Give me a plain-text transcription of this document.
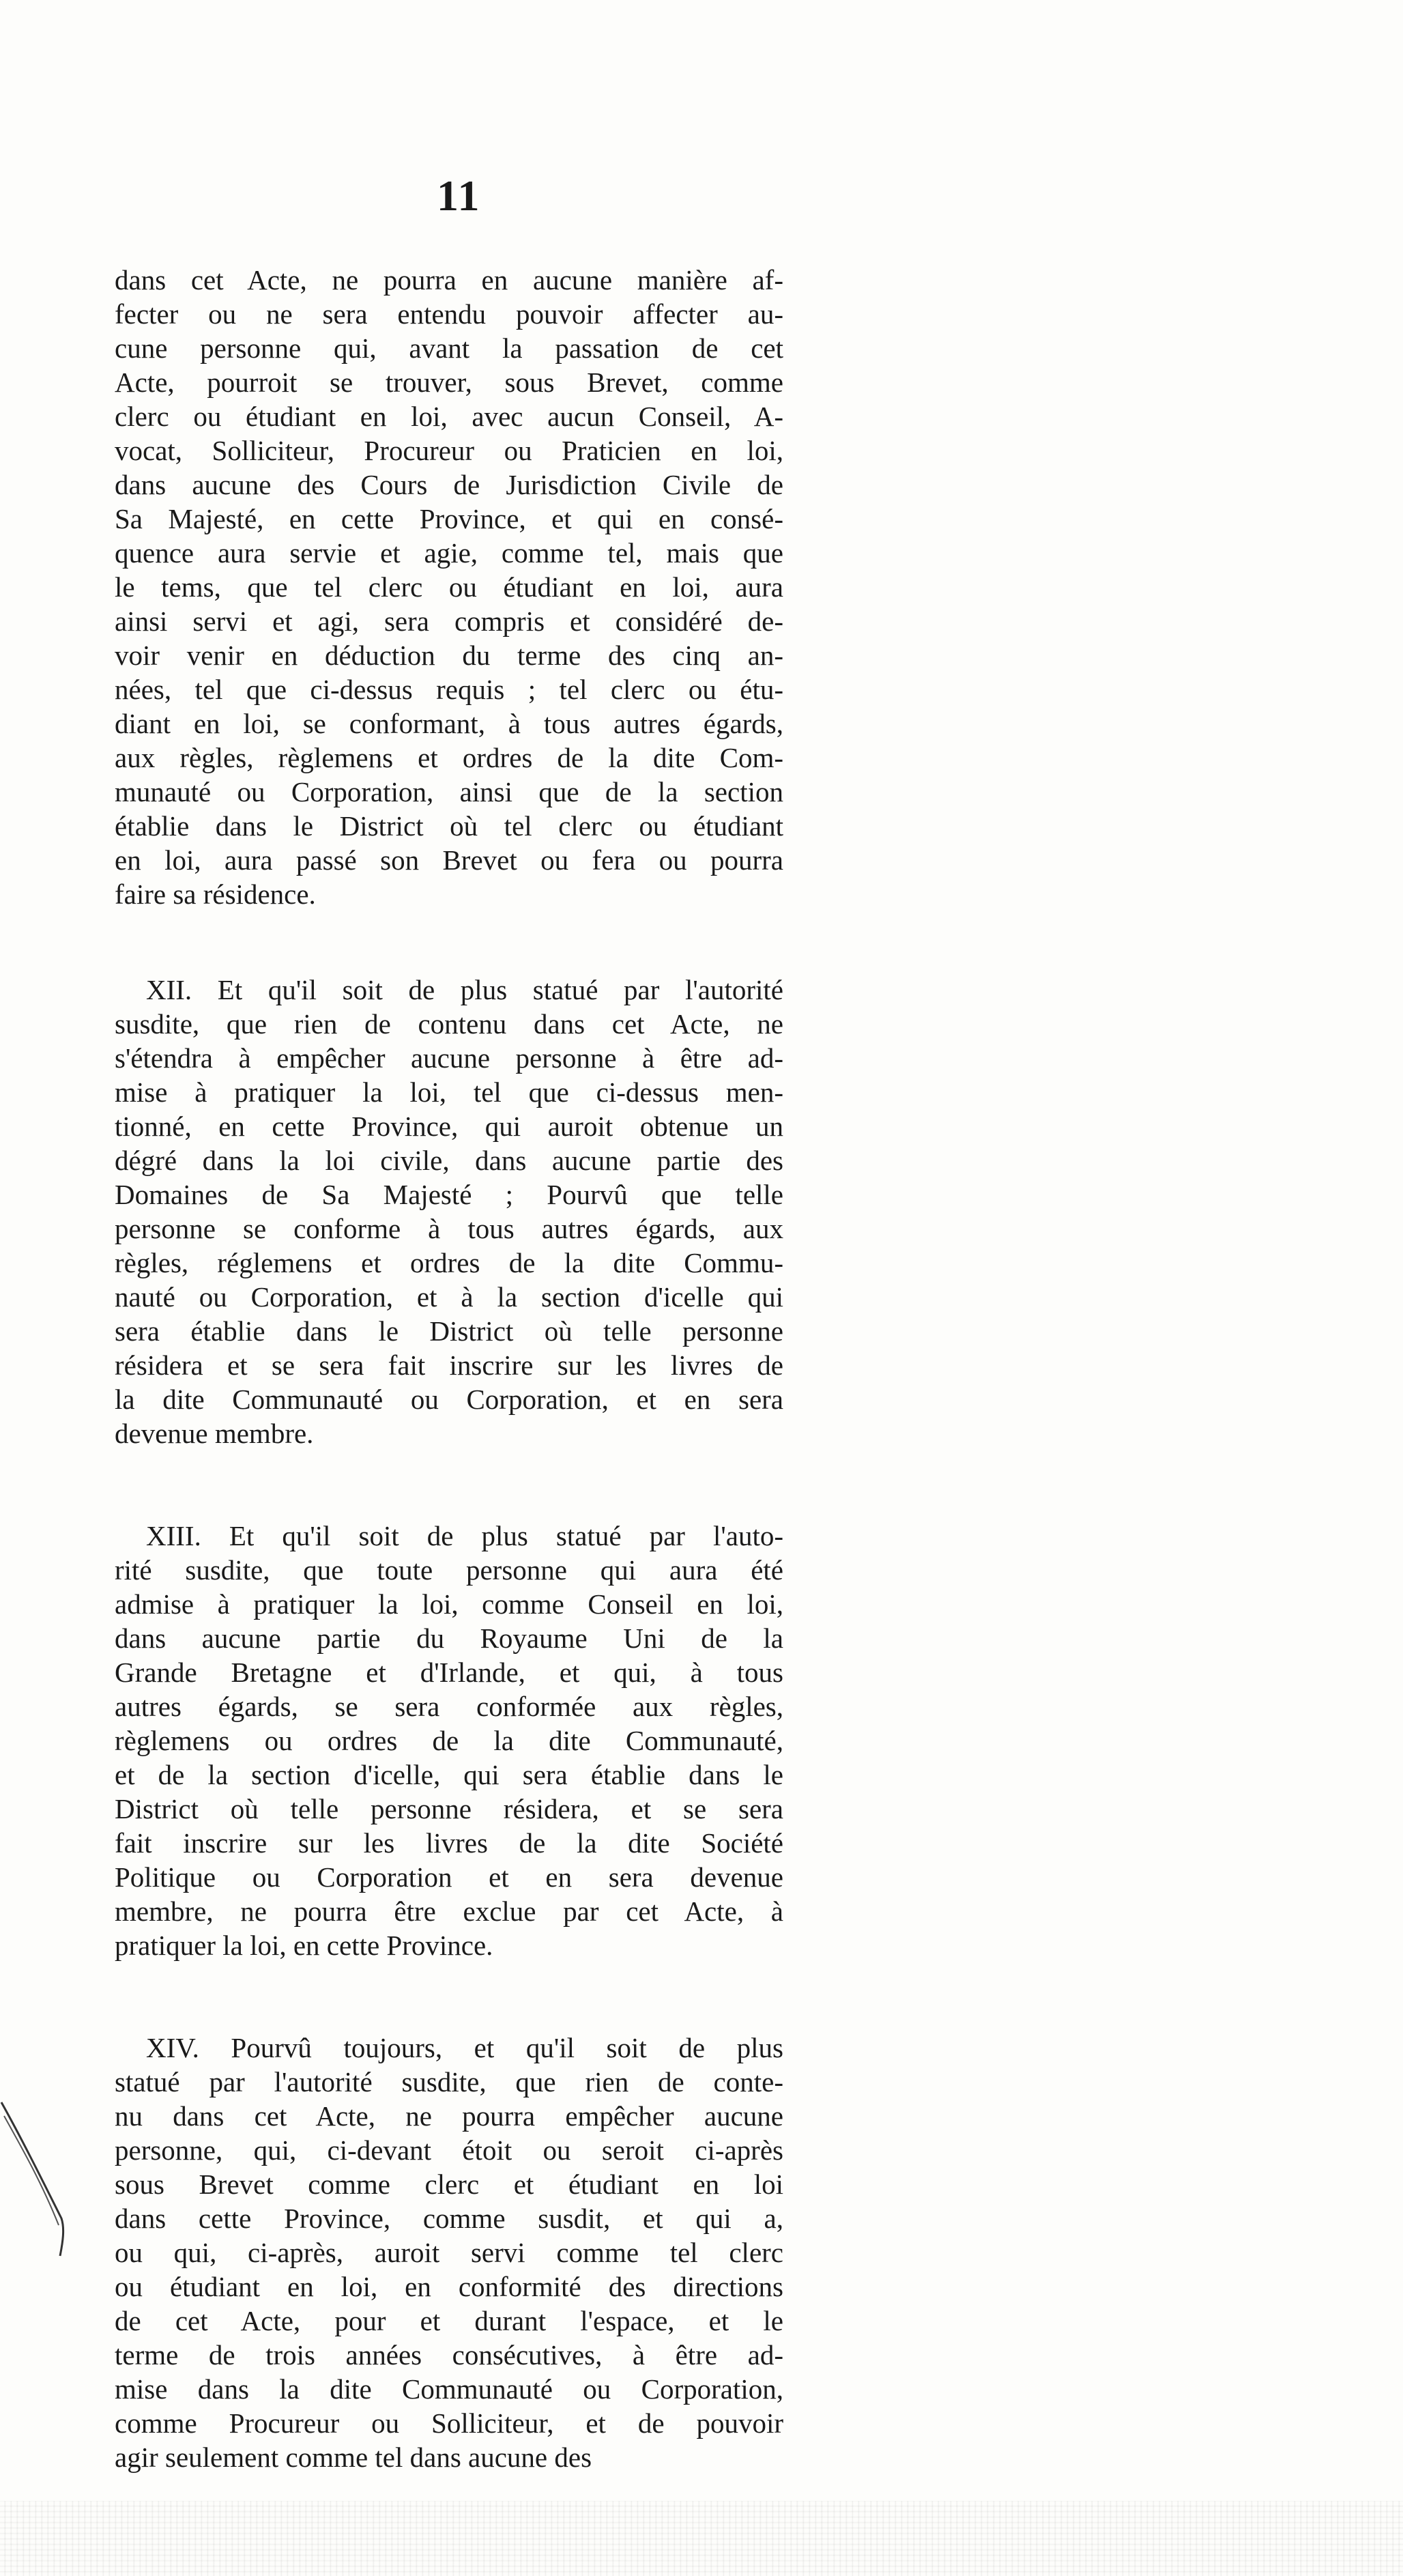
11
dans cet Acte, ne pourra en aucune manière af-
fecter ou ne sera entendu pouvoir affecter au-
cune personne qui, avant la passation de cet
Acte, pourroit se trouver, sous Brevet, comme
clerc ou étudiant en loi, avec aucun Conseil, A-
vocat, Solliciteur, Procureur ou Praticien en loi,
dans aucune des Cours de Jurisdiction Civile de
Sa Majesté, en cette Province, et qui en consé-
quence aura servie et agie, comme tel, mais que
le tems, que tel clerc ou étudiant en loi, aura
ainsi servi et agi, sera compris et considéré de-
voir venir en déduction du terme des cinq an-
nées, tel que ci-dessus requis ; tel clerc ou étu-
diant en loi, se conformant, à tous autres égards,
aux règles, règlemens et ordres de la dite Com-
munauté ou Corporation, ainsi que de la section
établie dans le District où tel clerc ou étudiant
en loi, aura passé son Brevet ou fera ou pourra
faire sa résidence.
XII. Et qu'il soit de plus statué par l'autorité
susdite, que rien de contenu dans cet Acte, ne
s'étendra à empêcher aucune personne à être ad-
mise à pratiquer la loi, tel que ci-dessus men-
tionné, en cette Province, qui auroit obtenue un
dégré dans la loi civile, dans aucune partie des
Domaines de Sa Majesté ; Pourvû que telle
personne se conforme à tous autres égards, aux
règles, réglemens et ordres de la dite Commu-
nauté ou Corporation, et à la section d'icelle qui
sera établie dans le District où telle personne
résidera et se sera fait inscrire sur les livres de
la dite Communauté ou Corporation, et en sera
devenue membre.
XIII. Et qu'il soit de plus statué par l'auto-
rité susdite, que toute personne qui aura été
admise à pratiquer la loi, comme Conseil en loi,
dans aucune partie du Royaume Uni de la
Grande Bretagne et d'Irlande, et qui, à tous
autres égards, se sera conformée aux règles,
règlemens ou ordres de la dite Communauté,
et de la section d'icelle, qui sera établie dans le
District où telle personne résidera, et se sera
fait inscrire sur les livres de la dite Société
Politique ou Corporation et en sera devenue
membre, ne pourra être exclue par cet Acte, à
pratiquer la loi, en cette Province.
XIV. Pourvû toujours, et qu'il soit de plus
statué par l'autorité susdite, que rien de conte-
nu dans cet Acte, ne pourra empêcher aucune
personne, qui, ci-devant étoit ou seroit ci-après
sous Brevet comme clerc et étudiant en loi
dans cette Province, comme susdit, et qui a,
ou qui, ci-après, auroit servi comme tel clerc
ou étudiant en loi, en conformité des directions
de cet Acte, pour et durant l'espace, et le
terme de trois années consécutives, à être ad-
mise dans la dite Communauté ou Corporation,
comme Procureur ou Solliciteur, et de pouvoir
agir seulement comme tel dans aucune des
